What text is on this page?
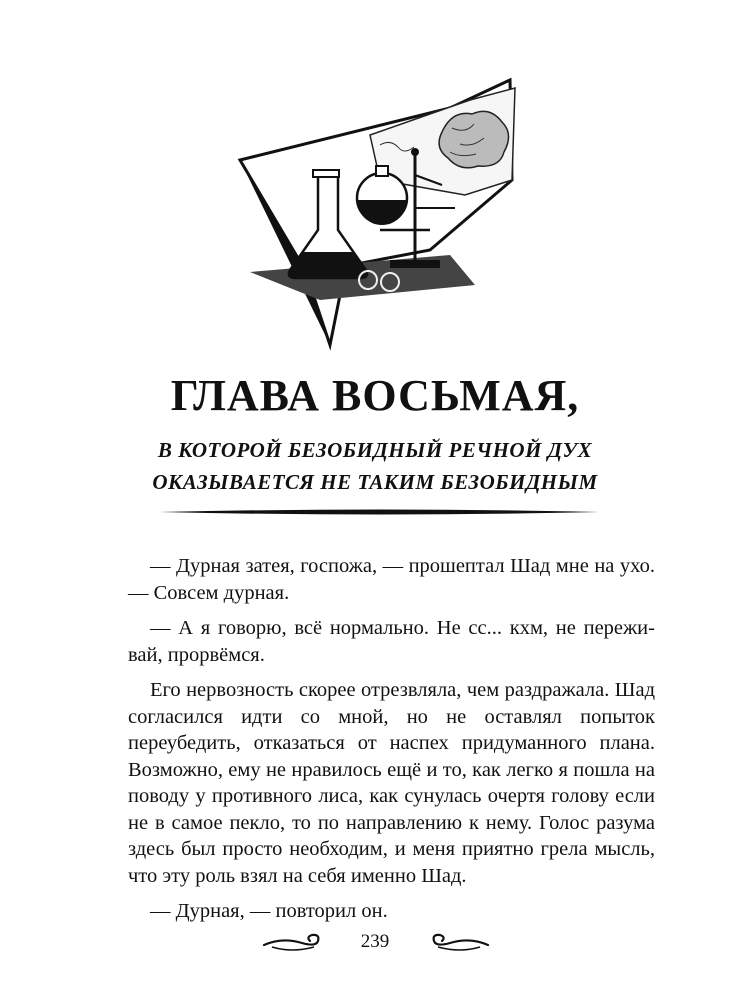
ГЛАВА ВОСЬМАЯ,
В КОТОРОЙ БЕЗОБИДНЫЙ РЕЧНОЙ ДУХ
ОКАЗЫВАЕТСЯ НЕ ТАКИМ БЕЗОБИДНЫМ

— Дурная затея, госпожа, — прошептал Шад мне на ухо. — Совсем дурная.

— А я говорю, всё нормально. Не сс... кхм, не пережи-вай, прорвёмся.

Его нервозность скорее отрезвляла, чем раздражала. Шад согласился идти со мной, но не оставлял попыток переубедить, отказаться от наспех придуманного плана. Возможно, ему не нравилось ещё и то, как легко я пошла на поводу у противного лиса, как сунулась очертя голову если не в самое пекло, то по направлению к нему. Голос разума здесь был просто необходим, и меня приятно грела мысль, что эту роль взял на себя именно Шад.

— Дурная, — повторил он.

239
